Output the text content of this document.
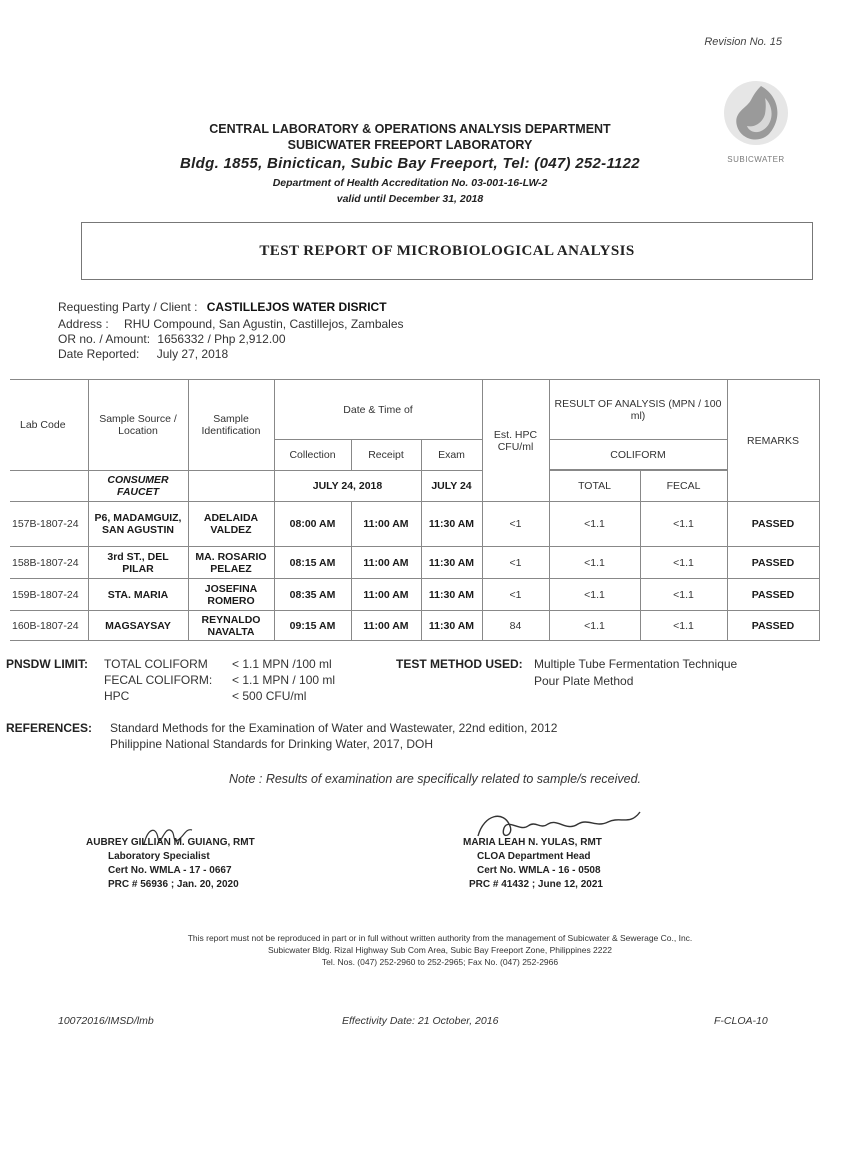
Revision No. 15
SUBICWATER
CENTRAL LABORATORY & OPERATIONS ANALYSIS DEPARTMENT
SUBICWATER FREEPORT LABORATORY
Bldg. 1855, Binictican, Subic Bay Freeport, Tel: (047) 252-1122
Department of Health Accreditation No. 03-001-16-LW-2
valid until December 31, 2018
TEST REPORT OF MICROBIOLOGICAL ANALYSIS
Requesting Party / Client : CASTILLEJOS WATER DISRICT
Address : RHU Compound, San Agustin, Castillejos, Zambales
OR no. / Amount: 1656332 / Php 2,912.00
Date Reported: July 27, 2018
Lab Code	Sample Source / Location	Sample Identification	Date & Time of			Est. HPC CFU/ml	RESULT OF ANALYSIS (MPN / 100 ml)		REMARKS
			Collection	Receipt	Exam		COLIFORM		

	CONSUMER FAUCET		JULY 24, 2018		JULY 24		TOTAL	FECAL	
157B-1807-24	P6, MADAMGUIZ, SAN AGUSTIN	ADELAIDA VALDEZ	08:00 AM	11:00 AM	11:30 AM	<1	<1.1	<1.1	PASSED
158B-1807-24	3rd ST., DEL PILAR	MA. ROSARIO PELAEZ	08:15 AM	11:00 AM	11:30 AM	<1	<1.1	<1.1	PASSED
159B-1807-24	STA. MARIA	JOSEFINA ROMERO	08:35 AM	11:00 AM	11:30 AM	<1	<1.1	<1.1	PASSED
160B-1807-24	MAGSAYSAY	REYNALDO NAVALTA	09:15 AM	11:00 AM	11:30 AM	84	<1.1	<1.1	PASSED
PNSDW LIMIT: TOTAL COLIFORM < 1.1 MPN /100 ml
FECAL COLIFORM: < 1.1 MPN / 100 ml
HPC	< 500 CFU/ml
TEST METHOD USED: Multiple Tube Fermentation Technique
Pour Plate Method
REFERENCES: Standard Methods for the Examination of Water and Wastewater, 22nd edition, 2012
Philippine National Standards for Drinking Water, 2017, DOH
Note : Results of examination are specifically related to sample/s received.
AUBREY GILLIAN M. GUIANG, RMT
Laboratory Specialist
Cert No. WMLA - 17 - 0667
PRC # 56936 ; Jan. 20, 2020
MARIA LEAH N. YULAS, RMT
CLOA Department Head
Cert No. WMLA - 16 - 0508
PRC # 41432 ; June 12, 2021
This report must not be reproduced in part or in full without written authority from the management of Subicwater & Sewerage Co., Inc.
Subicwater Bldg. Rizal Highway Sub Com Area, Subic Bay Freeport Zone, Philippines 2222
Tel. Nos. (047) 252-2960 to 252-2965; Fax No. (047) 252-2966
10072016/IMSD/lmb	Effectivity Date: 21 October, 2016	F-CLOA-10
